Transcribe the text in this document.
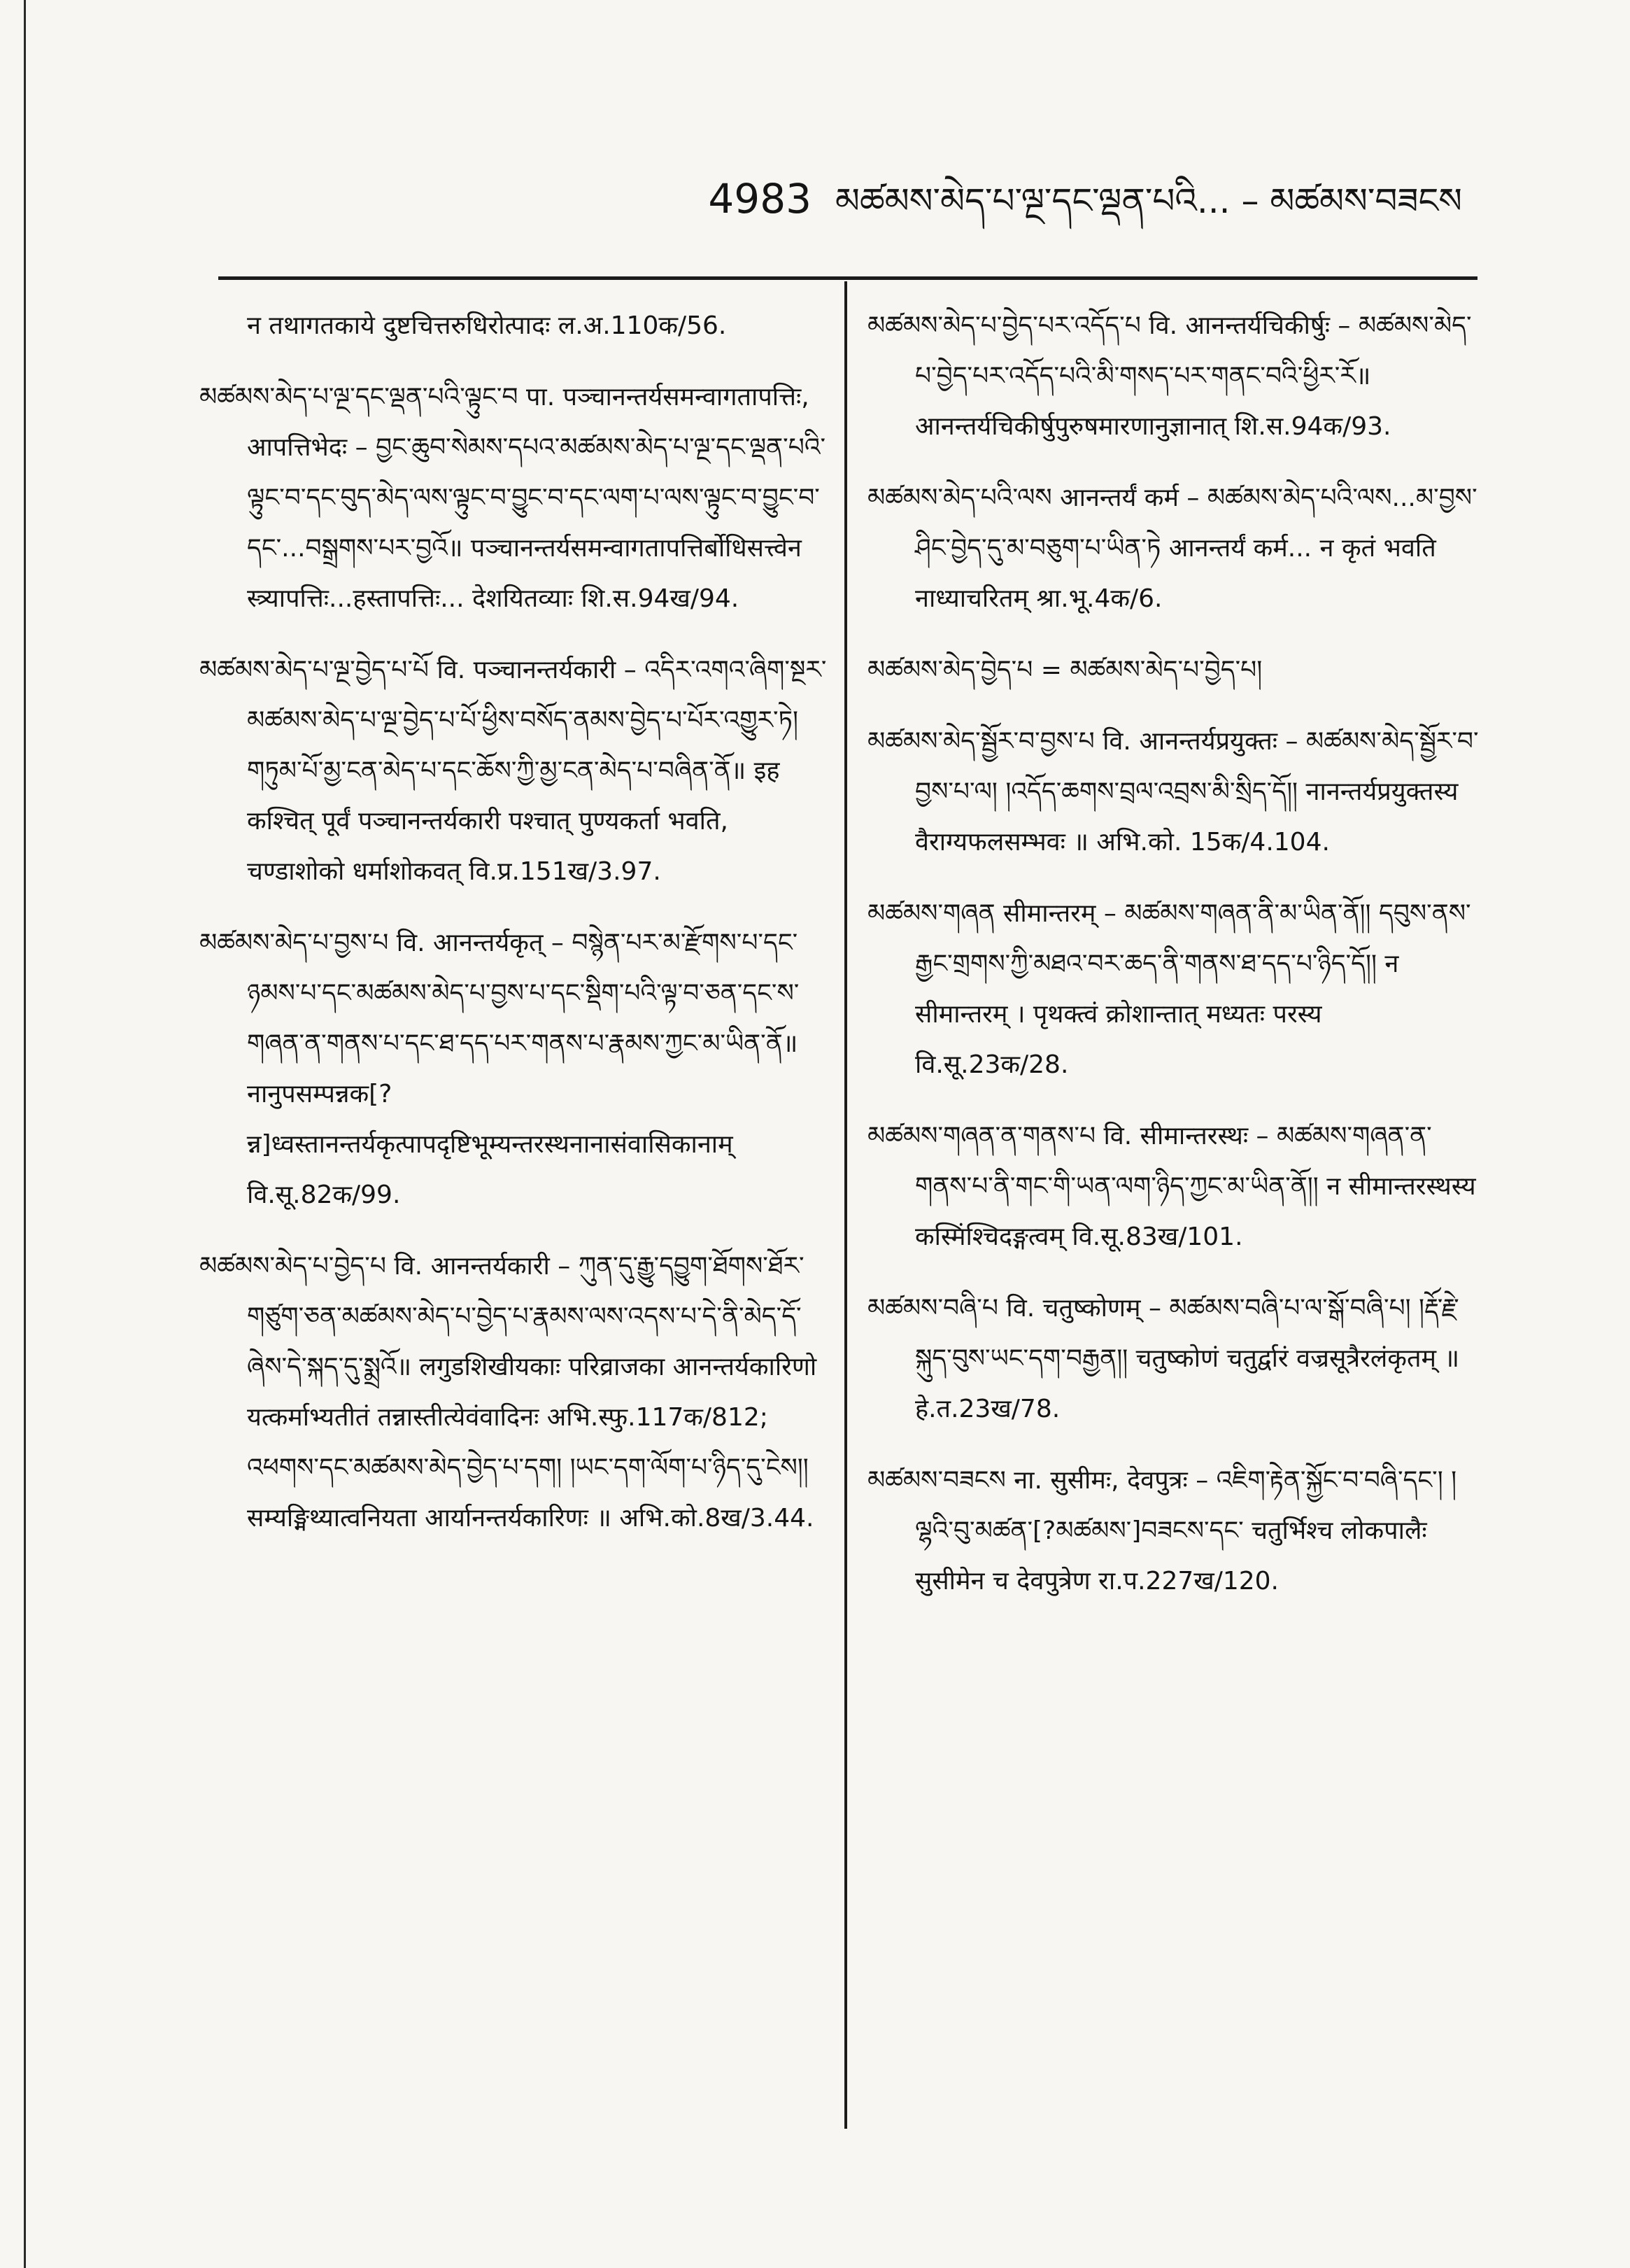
4983 མཚམས་མེད་པ་ལྔ་དང་ལྡན་པའི... – མཚམས་བཟངས

न तथागतकाये दुष्टचित्तरुधिरोत्पादः ल.अ.110क/56.

མཚམས་མེད་པ་ལྔ་དང་ལྡན་པའི་ལྟུང་བ पा. पञ्चानन्तर्यसमन्वागतापत्तिः, आपत्तिभेदः – བྱང་ཆུབ་སེམས་དཔའ་མཚམས་མེད་པ་ལྔ་དང་ལྡན་པའི་ལྟུང་བ་དང་བུད་མེད་ལས་ལྟུང་བ་བྱུང་བ་དང་ལག་པ་ལས་ལྟུང་བ་བྱུང་བ་དང་...བསྒྲགས་པར་བྱའོ॥ पञ्चानन्तर्यसमन्वागतापत्तिर्बोधिसत्त्वेन स्त्र्यापत्तिः...हस्तापत्तिः... देशयितव्याः शि.स.94ख/94.

མཚམས་མེད་པ་ལྔ་བྱེད་པ་པོ वि. पञ्चानन्तर्यकारी – འདིར་འགའ་ཞིག་སྔར་མཚམས་མེད་པ་ལྔ་བྱེད་པ་པོ་ཕྱིས་བསོད་ནམས་བྱེད་པ་པོར་འགྱུར་ཏེ། གཏུམ་པོ་མྱ་ངན་མེད་པ་དང་ཆོས་ཀྱི་མྱ་ངན་མེད་པ་བཞིན་ནོ॥ इह कश्चित् पूर्वं पञ्चानन्तर्यकारी पश्चात् पुण्यकर्ता भवति, चण्डाशोको धर्माशोकवत् वि.प्र.151ख/3.97.

མཚམས་མེད་པ་བྱས་པ वि. आनन्तर्यकृत् – བསྙེན་པར་མ་རྫོགས་པ་དང་ཉམས་པ་དང་མཚམས་མེད་པ་བྱས་པ་དང་སྡིག་པའི་ལྟ་བ་ཅན་དང་ས་གཞན་ན་གནས་པ་དང་ཐ་དད་པར་གནས་པ་རྣམས་ཀྱང་མ་ཡིན་ནོ॥ नानुपसम्पन्नक[?न्न]ध्वस्तानन्तर्यकृत्पापदृष्टिभूम्यन्तरस्थनानासंवासिकानाम् वि.सू.82क/99.

མཚམས་མེད་པ་བྱེད་པ वि. आनन्तर्यकारी – ཀུན་དུ་རྒྱུ་དབྱུག་ཐོགས་ཐོར་གཙུག་ཅན་མཚམས་མེད་པ་བྱེད་པ་རྣམས་ལས་འདས་པ་དེ་ནི་མེད་དོ་ཞེས་དེ་སྐད་དུ་སྨྲའོ॥ लगुडशिखीयकाः परिव्राजका आनन्तर्यकारिणो यत्कर्माभ्यतीतं तन्नास्तीत्येवंवादिनः अभि.स्फु.117क/812; འཕགས་དང་མཚམས་མེད་བྱེད་པ་དག། །ཡང་དག་ལོག་པ་ཉིད་དུ་ངེས།། सम्यङ्मिथ्यात्वनियता आर्यानन्तर्यकारिणः ॥ अभि.को.8ख/3.44.

མཚམས་མེད་པ་བྱེད་པར་འདོད་པ वि. आनन्तर्यचिकीर्षुः – མཚམས་མེད་པ་བྱེད་པར་འདོད་པའི་མི་གསད་པར་གནང་བའི་ཕྱིར་རོ॥ आनन्तर्यचिकीर्षुपुरुषमारणानुज्ञानात् शि.स.94क/93.

མཚམས་མེད་པའི་ལས आनन्तर्यं कर्म – མཚམས་མེད་པའི་ལས...མ་བྱས་ཤིང་བྱེད་དུ་མ་བཅུག་པ་ཡིན་ཏེ आनन्तर्यं कर्म... न कृतं भवति नाध्याचरितम् श्रा.भू.4क/6.

མཚམས་མེད་བྱེད་པ = མཚམས་མེད་པ་བྱེད་པ།

མཚམས་མེད་སྦྱོར་བ་བྱས་པ वि. आनन्तर्यप्रयुक्तः – མཚམས་མེད་སྦྱོར་བ་བྱས་པ་ལ། །འདོད་ཆགས་བྲལ་འབྲས་མི་སྲིད་དོ།། नानन्तर्यप्रयुक्तस्य वैराग्यफलसम्भवः ॥ अभि.को. 15क/4.104.

མཚམས་གཞན सीमान्तरम् – མཚམས་གཞན་ནི་མ་ཡིན་ནོ།། དབུས་ནས་རྒྱང་གྲགས་ཀྱི་མཐའ་བར་ཆད་ནི་གནས་ཐ་དད་པ་ཉིད་དོ།། न सीमान्तरम् । पृथक्त्वं क्रोशान्तात् मध्यतः परस्य वि.सू.23क/28.

མཚམས་གཞན་ན་གནས་པ वि. सीमान्तरस्थः – མཚམས་གཞན་ན་གནས་པ་ནི་གང་གི་ཡན་ལག་ཉིད་ཀྱང་མ་ཡིན་ནོ།། न सीमान्तरस्थस्य कस्मिंश्चिदङ्गत्वम् वि.सू.83ख/101.

མཚམས་བཞི་པ वि. चतुष्कोणम् – མཚམས་བཞི་པ་ལ་སྒོ་བཞི་པ། །རྡོ་རྗེ་སྐུད་བུས་ཡང་དག་བརྒྱན།། चतुष्कोणं चतुर्द्वारं वज्रसूत्रैरलंकृतम् ॥ हे.त.23ख/78.

མཚམས་བཟངས ना. सुसीमः, देवपुत्रः – འཇིག་རྟེན་སྐྱོང་བ་བཞི་དང་། །ལྷའི་བུ་མཚན་[?མཚམས་]བཟངས་དང་ चतुर्भिश्च लोकपालैः सुसीमेन च देवपुत्रेण रा.प.227ख/120.
